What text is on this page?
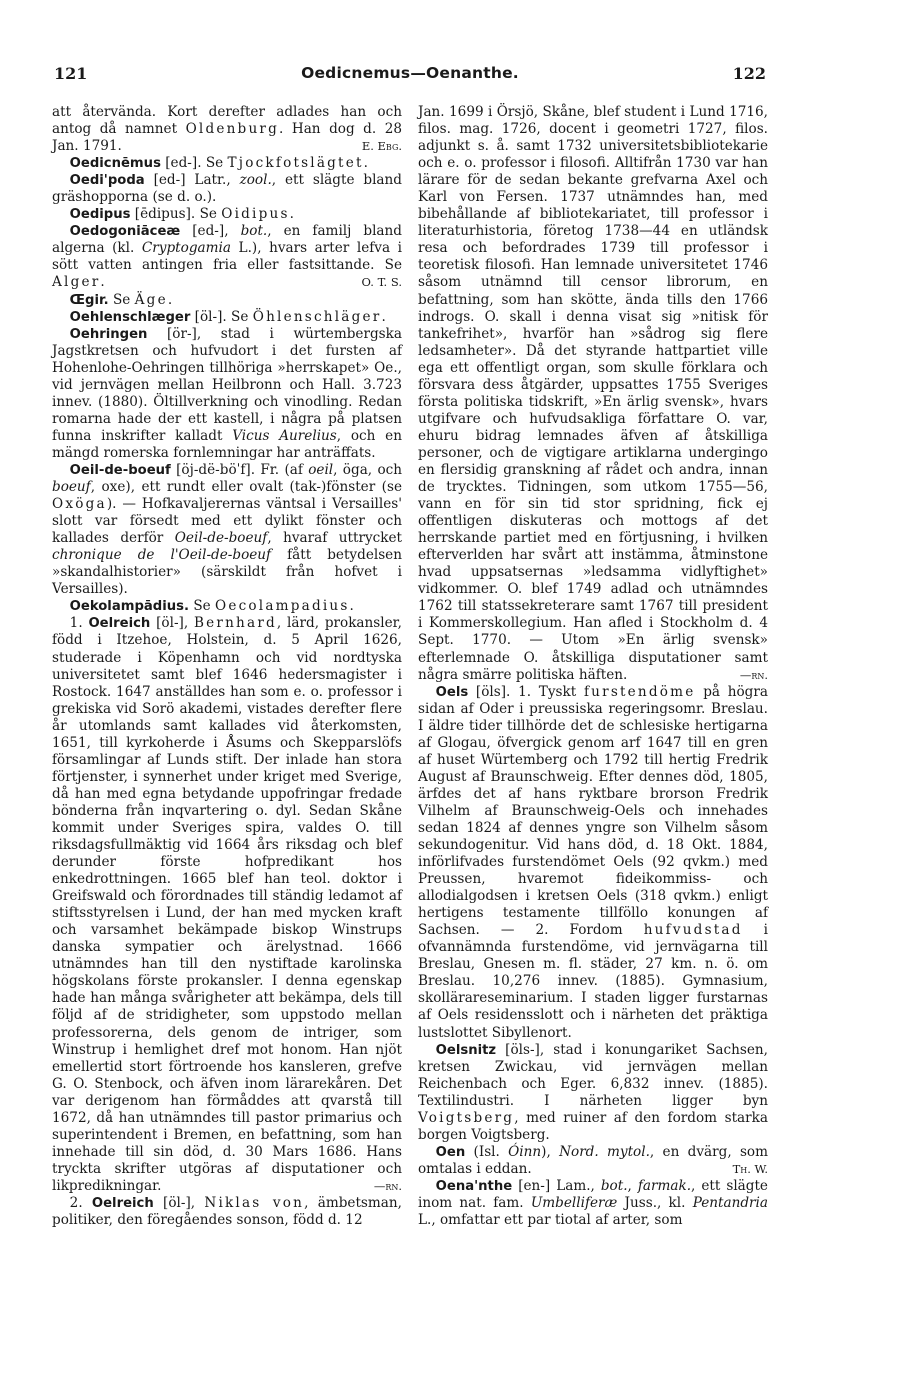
121	Oedicnemus—Oenanthe.	122

att återvända. Kort derefter adlades han och antog då namnet Oldenburg. Han dog d. 28 Jan. 1791.	E. Ebg.

Oedicnēmus [ed-]. Se Tjockfotslägtet.

Oedi'poda [ed-] Latr., zool., ett slägte bland gräshopporna (se d. o.).

Oedipus [ēdipus]. Se Oidipus.

Oedogoniāceæ [ed-], bot., en familj bland algerna (kl. Cryptogamia L.), hvars arter lefva i sött vatten antingen fria eller fastsittande. Se Alger.	O. T. S.

Œgir. Se Äge.

Oehlenschlæger [öl-]. Se Öhlenschläger.

Oehringen [ör-], stad i würtembergska Jagstkretsen och hufvudort i det fursten af Hohenlohe-Oehringen tillhöriga »herrskapet» Oe., vid jernvägen mellan Heilbronn och Hall. 3.723 innev. (1880). Öltillverkning och vinodling. Redan romarna hade der ett kastell, i några på platsen funna inskrifter kalladt Vicus Aurelius, och en mängd romerska fornlemningar har anträffats.

Oeil-de-boeuf [öj-dë-böˈf]. Fr. (af oeil, öga, och boeuf, oxe), ett rundt eller ovalt (tak-)fönster (se Oxöga). — Hofkavaljerernas väntsal i Versailles' slott var försedt med ett dylikt fönster och kallades derför Oeil-de-boeuf, hvaraf uttrycket chronique de l'Oeil-de-boeuf fått betydelsen »skandalhistorier» (särskildt från hofvet i Versailles).

Oekolampādius. Se Oecolampadius.

1. Oelreich [öl-], Bernhard, lärd, prokansler, född i Itzehoe, Holstein, d. 5 April 1626, studerade i Köpenhamn och vid nordtyska universitetet samt blef 1646 hedersmagister i Rostock. 1647 anställdes han som e. o. professor i grekiska vid Sorö akademi, vistades derefter flere år utomlands samt kallades vid återkomsten, 1651, till kyrkoherde i Åsums och Skepparslöfs församlingar af Lunds stift. Der inlade han stora förtjenster, i synnerhet under kriget med Sverige, då han med egna betydande uppofringar fredade bönderna från inqvartering o. dyl. Sedan Skåne kommit under Sveriges spira, valdes O. till riksdagsfullmäktig vid 1664 års riksdag och blef derunder förste hofpredikant hos enkedrottningen. 1665 blef han teol. doktor i Greifswald och förordnades till ständig ledamot af stiftsstyrelsen i Lund, der han med mycken kraft och varsamhet bekämpade biskop Winstrups danska sympatier och ärelystnad. 1666 utnämndes han till den nystiftade karolinska högskolans förste prokansler. I denna egenskap hade han många svårigheter att bekämpa, dels till följd af de stridigheter, som uppstodo mellan professorerna, dels genom de intriger, som Winstrup i hemlighet dref mot honom. Han njöt emellertid stort förtroende hos kansleren, grefve G. O. Stenbock, och äfven inom lärarekåren. Det var derigenom han förmåddes att qvarstå till 1672, då han utnämndes till pastor primarius och superintendent i Bremen, en befattning, som han innehade till sin död, d. 30 Mars 1686. Hans tryckta skrifter utgöras af disputationer och likpredikningar.	—rn.

2. Oelreich [öl-], Niklas von, ämbetsman, politiker, den föregåendes sonson, född d. 12

Jan. 1699 i Örsjö, Skåne, blef student i Lund 1716, filos. mag. 1726, docent i geometri 1727, filos. adjunkt s. å. samt 1732 universitetsbibliotekarie och e. o. professor i filosofi. Alltifrån 1730 var han lärare för de sedan bekante grefvarna Axel och Karl von Fersen. 1737 utnämndes han, med bibehållande af bibliotekariatet, till professor i literaturhistoria, företog 1738—44 en utländsk resa och befordrades 1739 till professor i teoretisk filosofi. Han lemnade universitetet 1746 såsom utnämnd till censor librorum, en befattning, som han skötte, ända tills den 1766 indrogs. O. skall i denna visat sig »nitisk för tankefrihet», hvarför han »sådrog sig flere ledsamheter». Då det styrande hattpartiet ville ega ett offentligt organ, som skulle förklara och försvara dess åtgärder, uppsattes 1755 Sveriges första politiska tidskrift, »En ärlig svensk», hvars utgifvare och hufvudsakliga författare O. var, ehuru bidrag lemnades äfven af åtskilliga personer, och de vigtigare artiklarna undergingo en flersidig granskning af rådet och andra, innan de trycktes. Tidningen, som utkom 1755—56, vann en för sin tid stor spridning, fick ej offentligen diskuteras och mottogs af det herrskande partiet med en förtjusning, i hvilken efterverlden har svårt att instämma, åtminstone hvad uppsatsernas »ledsamma vidlyftighet» vidkommer. O. blef 1749 adlad och utnämndes 1762 till statssekreterare samt 1767 till president i Kommerskollegium. Han afled i Stockholm d. 4 Sept. 1770. — Utom »En ärlig svensk» efterlemnade O. åtskilliga disputationer samt några smärre politiska häften.	—rn.

Oels [öls]. 1. Tyskt furstendöme på högra sidan af Oder i preussiska regeringsomr. Breslau. I äldre tider tillhörde det de schlesiske hertigarna af Glogau, öfvergick genom arf 1647 till en gren af huset Würtemberg och 1792 till hertig Fredrik August af Braunschweig. Efter dennes död, 1805, ärfdes det af hans ryktbare brorson Fredrik Vilhelm af Braunschweig-Oels och innehades sedan 1824 af dennes yngre son Vilhelm såsom sekundogenitur. Vid hans död, d. 18 Okt. 1884, införlifvades furstendömet Oels (92 qvkm.) med Preussen, hvaremot fideikommiss- och allodialgodsen i kretsen Oels (318 qvkm.) enligt hertigens testamente tillföllo konungen af Sachsen. — 2. Fordom hufvudstad i ofvannämnda furstendöme, vid jernvägarna till Breslau, Gnesen m. fl. städer, 27 km. n. ö. om Breslau. 10,276 innev. (1885). Gymnasium, skollärareseminarium. I staden ligger furstarnas af Oels residensslott och i närheten det präktiga lustslottet Sibyllenort.

Oelsnitz [öls-], stad i konungariket Sachsen, kretsen Zwickau, vid jernvägen mellan Reichenbach och Eger. 6,832 innev. (1885). Textilindustri. I närheten ligger byn Voigtsberg, med ruiner af den fordom starka borgen Voigtsberg.

Oen (Isl. Óinn), Nord. mytol., en dvärg, som omtalas i eddan.	Th. W.

Oena'nthe [en-] Lam., bot., farmak., ett slägte inom nat. fam. Umbelliferæ Juss., kl. Pentandria L., omfattar ett par tiotal af arter, som
